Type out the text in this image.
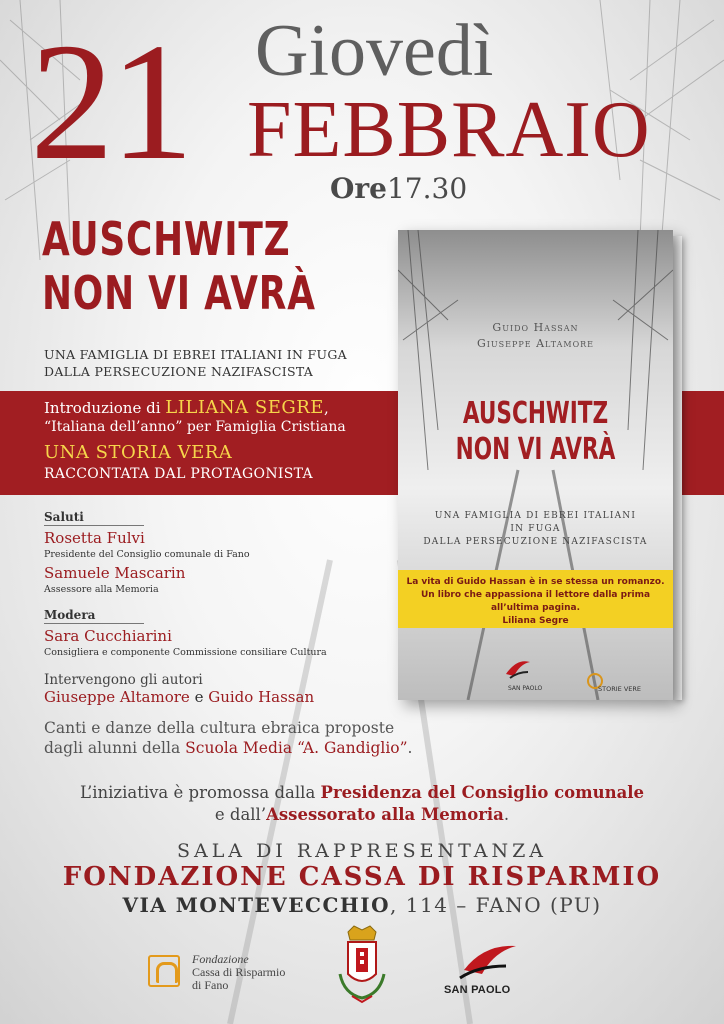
21 Giovedì
FEBBRAIO
Ore17.30
AUSCHWITZ
NON VI AVRÀ
UNA FAMIGLIA DI EBREI ITALIANI IN FUGA
DALLA PERSECUZIONE NAZIFASCISTA
Introduzione di LILIANA SEGRE,
“Italiana dell’anno” per Famiglia Cristiana
UNA STORIA VERA
RACCONTATA DAL PROTAGONISTA
Saluti
Rosetta Fulvi
Presidente del Consiglio comunale di Fano
Samuele Mascarin
Assessore alla Memoria
Modera
Sara Cucchiarini
Consigliera e componente Commissione consiliare Cultura
Intervengono gli autori
Giuseppe Altamore e Guido Hassan
Canti e danze della cultura ebraica proposte
dagli alunni della Scuola Media “A. Gandiglio”.
Guido Hassan
Giuseppe Altamore
AUSCHWITZ
NON VI AVRÀ
UNA FAMIGLIA DI EBREI ITALIANI
IN FUGA
DALLA PERSECUZIONE NAZIFASCISTA
La vita di Guido Hassan è in se stessa un romanzo.
Un libro che appassiona il lettore dalla prima all’ultima pagina.
Liliana Segre
SAN PAOLO	STORIE VERE
L’iniziativa è promossa dalla Presidenza del Consiglio comunale
e dall’Assessorato alla Memoria.
SALA DI RAPPRESENTANZA
FONDAZIONE CASSA DI RISPARMIO
VIA MONTEVECCHIO, 114 – FANO (PU)
Fondazione
Cassa di Risparmio
di Fano	SAN PAOLO
